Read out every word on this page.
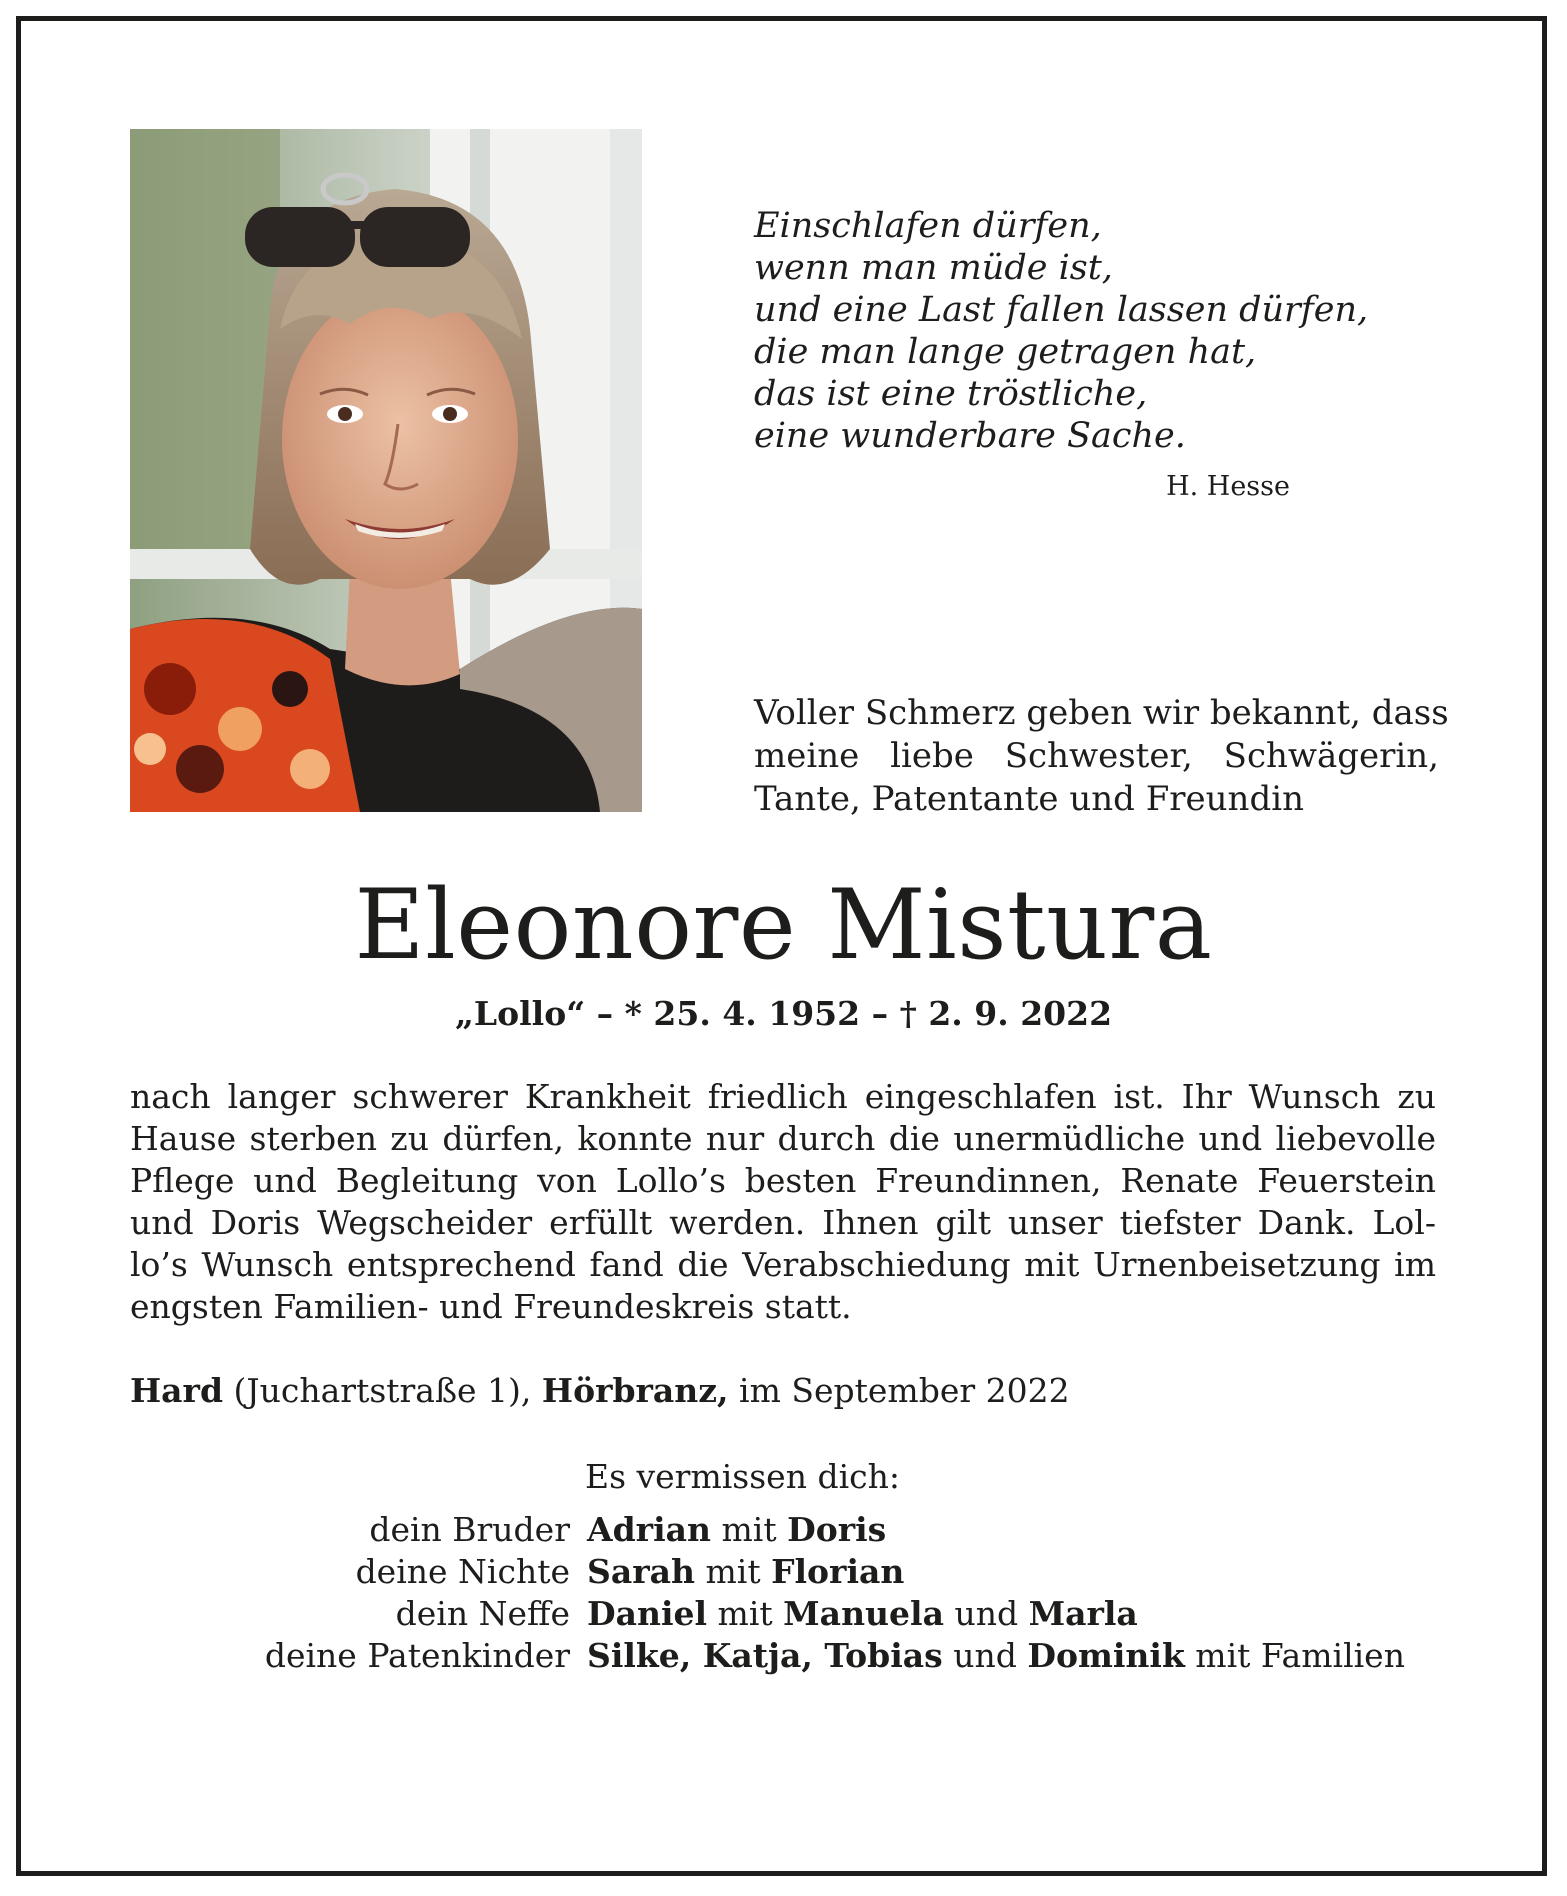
Einschlafen dürfen,
wenn man müde ist,
und eine Last fallen lassen dürfen,
die man lange getragen hat,
das ist eine tröstliche,
eine wunderbare Sache.
H. Hesse
Voller Schmerz geben wir bekannt, dass
meine liebe Schwester, Schwägerin,
Tante, Patentante und Freundin
Eleonore Mistura
„Lollo“ – * 25. 4. 1952 – † 2. 9. 2022
nach langer schwerer Krankheit friedlich eingeschlafen ist. Ihr Wunsch zu
Hause sterben zu dürfen, konnte nur durch die unermüdliche und liebevolle
Pflege und Begleitung von Lollo’s besten Freundinnen, Renate Feuerstein
und Doris Wegscheider erfüllt werden. Ihnen gilt unser tiefster Dank. Lol-
lo’s Wunsch entsprechend fand die Verabschiedung mit Urnenbeisetzung im
engsten Familien- und Freundeskreis statt.
Hard (Juchartstraße 1), Hörbranz, im September 2022
Es vermissen dich:
dein Bruder Adrian mit Doris
deine Nichte Sarah mit Florian
dein Neffe Daniel mit Manuela und Marla
deine Patenkinder Silke, Katja, Tobias und Dominik mit Familien
